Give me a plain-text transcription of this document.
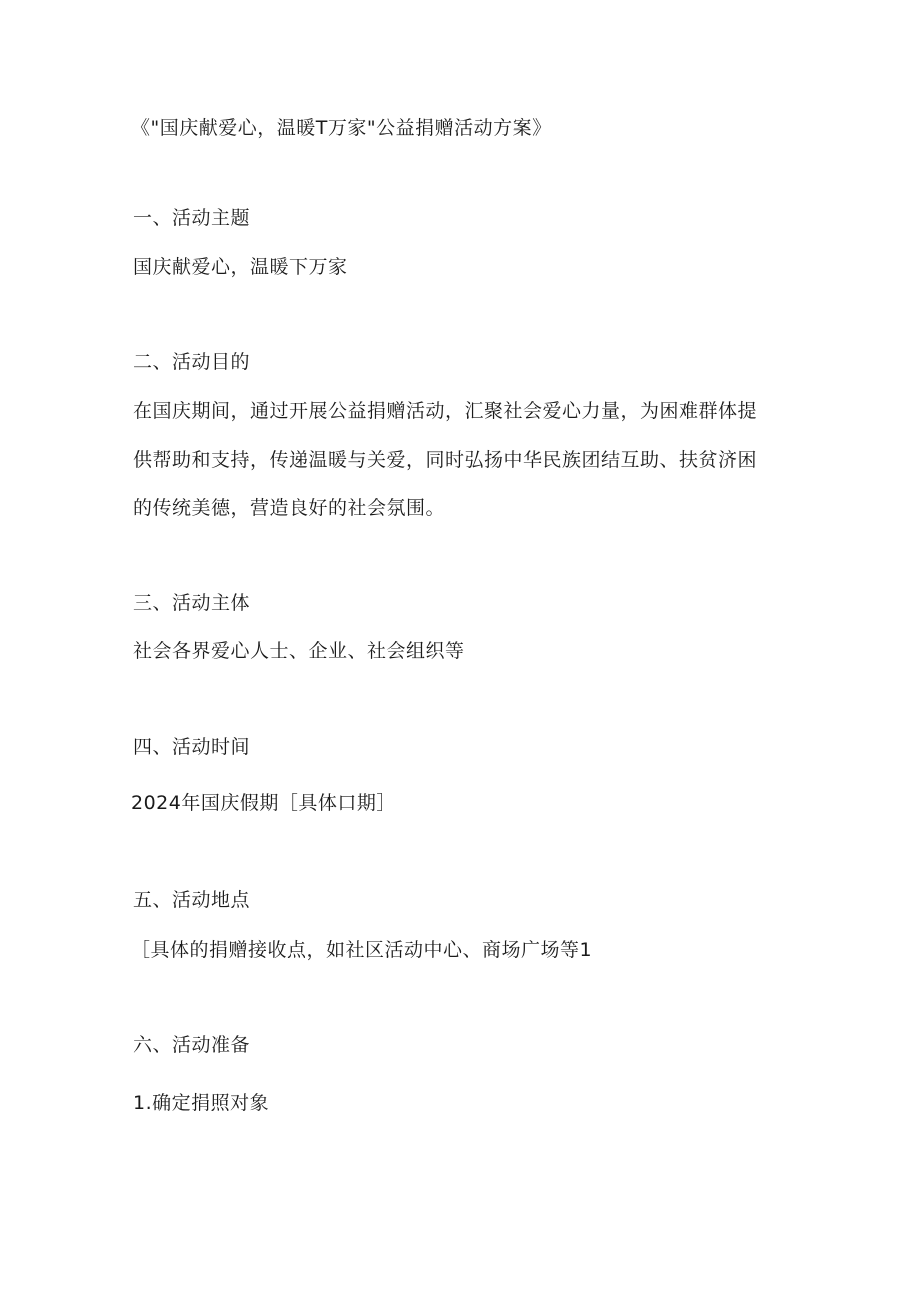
《"国庆献爱心，温暖T万家"公益捐赠活动方案》
一、活动主题
国庆献爱心，温暖下万家
二、活动目的
在国庆期间，通过开展公益捐赠活动，汇聚社会爱心力量，为困难群体提
供帮助和支持，传递温暖与关爱，同时弘扬中华民族团结互助、扶贫济困
的传统美德，营造良好的社会氛围。
三、活动主体
社会各界爱心人士、企业、社会组织等
四、活动时间
2024年国庆假期［具体口期］
五、活动地点
［具体的捐赠接收点，如社区活动中心、商场广场等1
六、活动准备
1.确定捐照对象
